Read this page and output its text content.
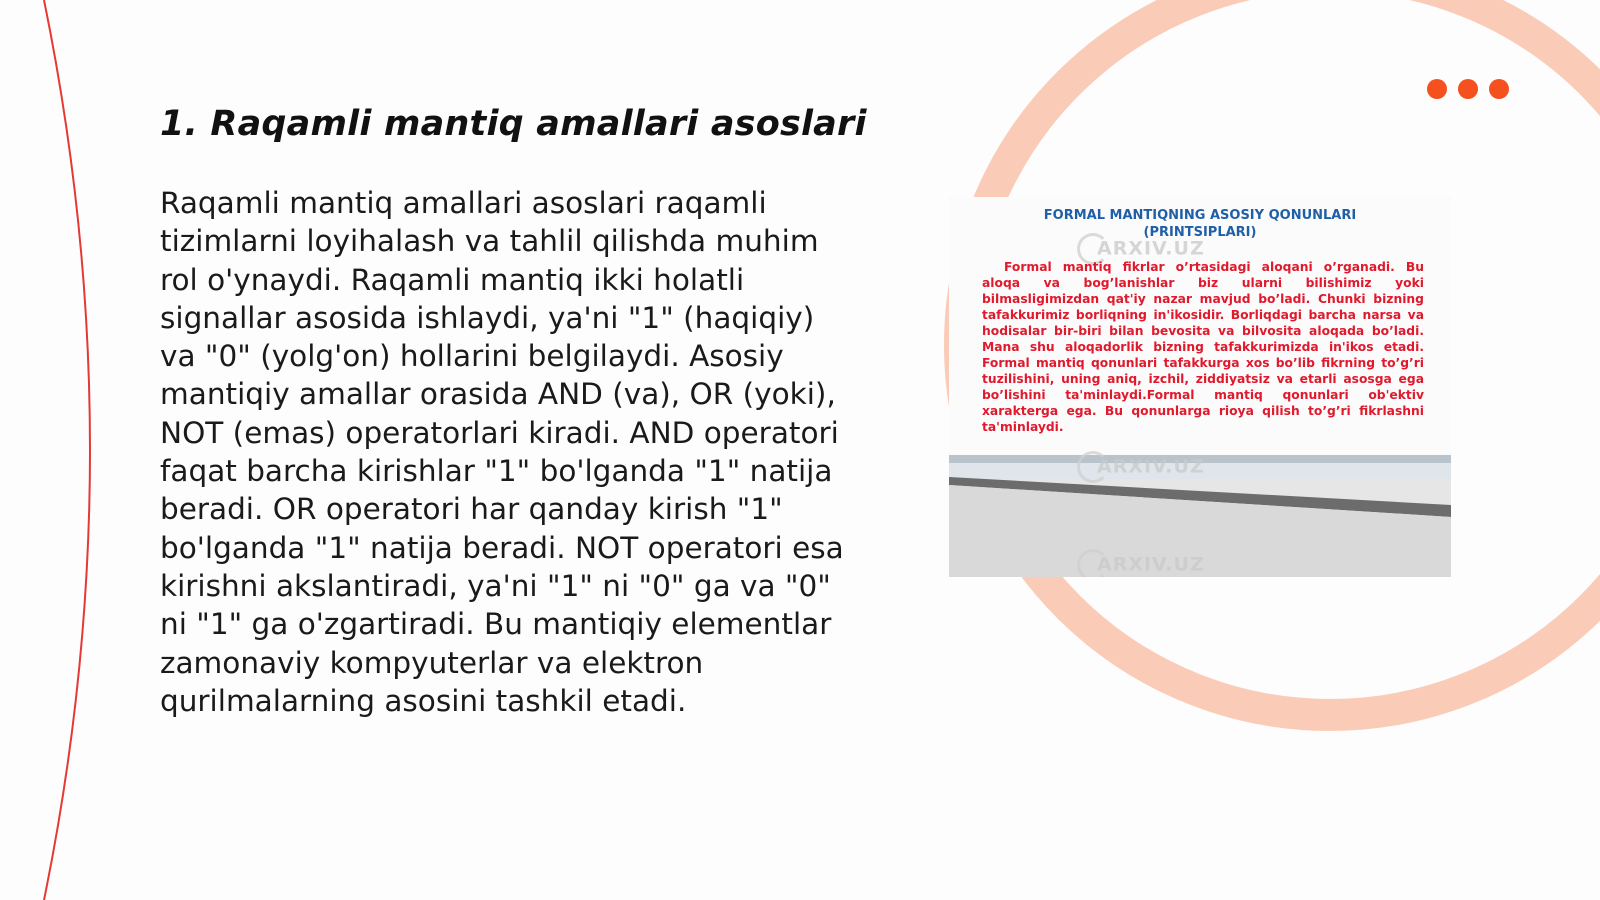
1. Raqamli mantiq amallari asoslari

Raqamli mantiq amallari asoslari raqamli tizimlarni loyihalash va tahlil qilishda muhim rol o'ynaydi. Raqamli mantiq ikki holatli signallar asosida ishlaydi, ya'ni "1" (haqiqiy) va "0" (yolg'on) hollarini belgilaydi. Asosiy mantiqiy amallar orasida AND (va), OR (yoki), NOT (emas) operatorlari kiradi. AND operatori faqat barcha kirishlar "1" bo'lganda "1" natija beradi. OR operatori har qanday kirish "1" bo'lganda "1" natija beradi. NOT operatori esa kirishni akslantiradi, ya'ni "1" ni "0" ga va "0" ni "1" ga o'zgartiradi. Bu mantiqiy elementlar zamonaviy kompyuterlar va elektron qurilmalarning asosini tashkil etadi.

FORMAL MANTIQNING ASOSIY QONUNLARI
(PRINTSIPLARI)
ARXIV.UZ

Formal mantiq fikrlar o’rtasidagi aloqani o’rganadi. Bu aloqa va bog’lanishlar biz ularni bilishimiz yoki bilmasligimizdan qat'iy nazar mavjud bo’ladi. Chunki bizning tafakkurimiz borliqning in'ikosidir. Borliqdagi barcha narsa va hodisalar bir-biri bilan bevosita va bilvosita aloqada bo’ladi. Mana shu aloqadorlik bizning tafakkurimizda in'ikos etadi. Formal mantiq qonunlari tafakkurga xos bo’lib fikrning to’g’ri tuzilishini, uning aniq, izchil, ziddiyatsiz va etarli asosga ega bo’lishini ta'minlaydi.Formal mantiq qonunlari ob'ektiv xarakterga ega. Bu qonunlarga rioya qilish to’g’ri fikrlashni ta'minlaydi.

ARXIV.UZ
ARXIV.UZ
